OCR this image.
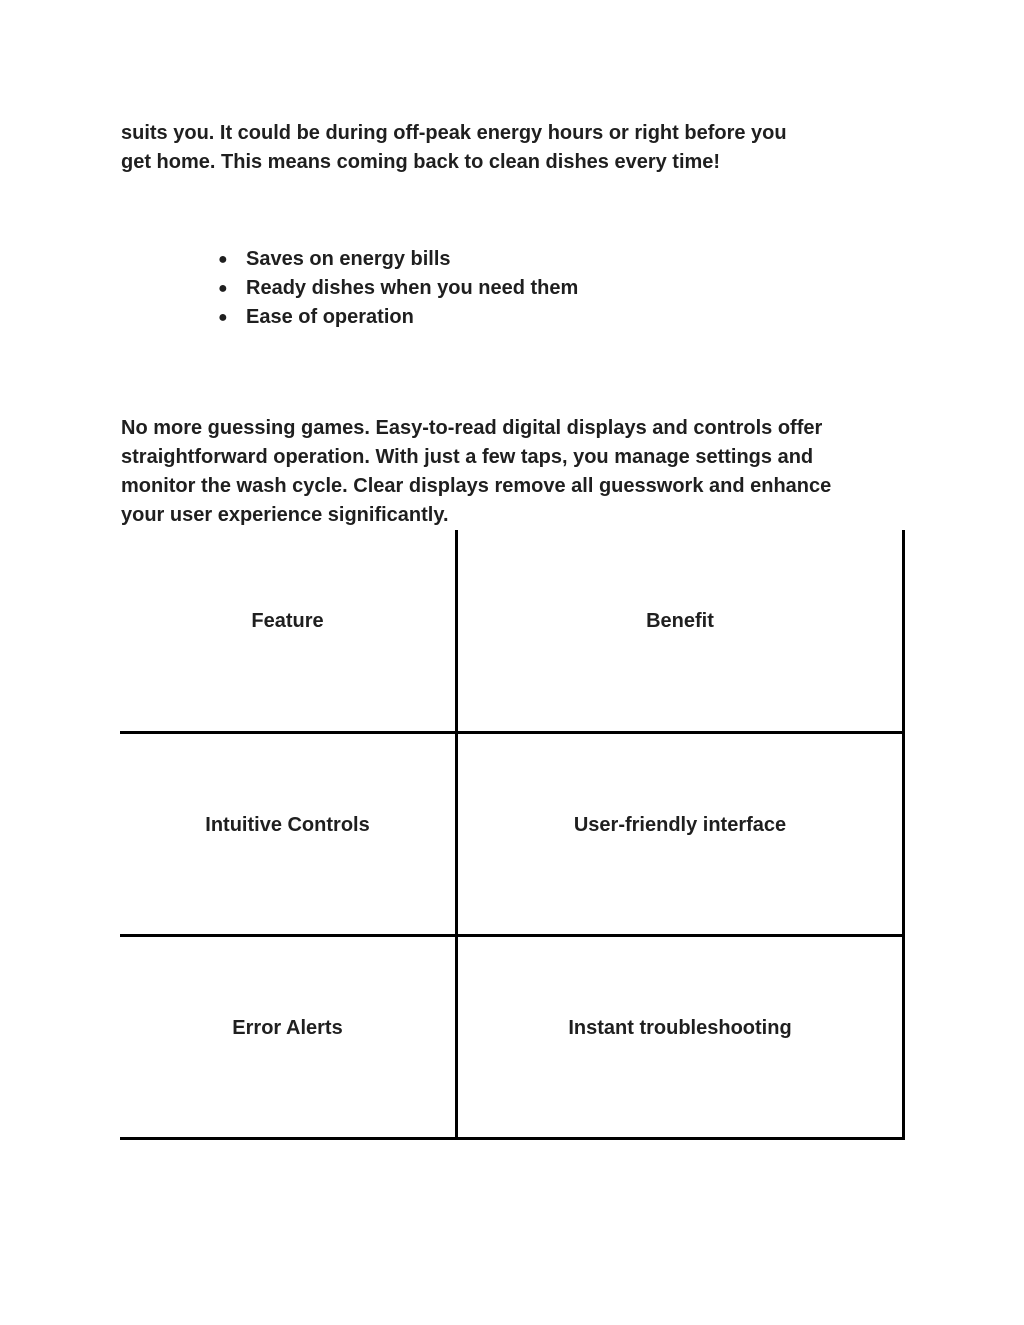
suits you. It could be during off-peak energy hours or right before you
get home. This means coming back to clean dishes every time!

● Saves on energy bills
● Ready dishes when you need them
● Ease of operation

No more guessing games. Easy-to-read digital displays and controls offer
straightforward operation. With just a few taps, you manage settings and
monitor the wash cycle. Clear displays remove all guesswork and enhance
your user experience significantly.

Feature	Benefit
Intuitive Controls	User-friendly interface
Error Alerts	Instant troubleshooting
